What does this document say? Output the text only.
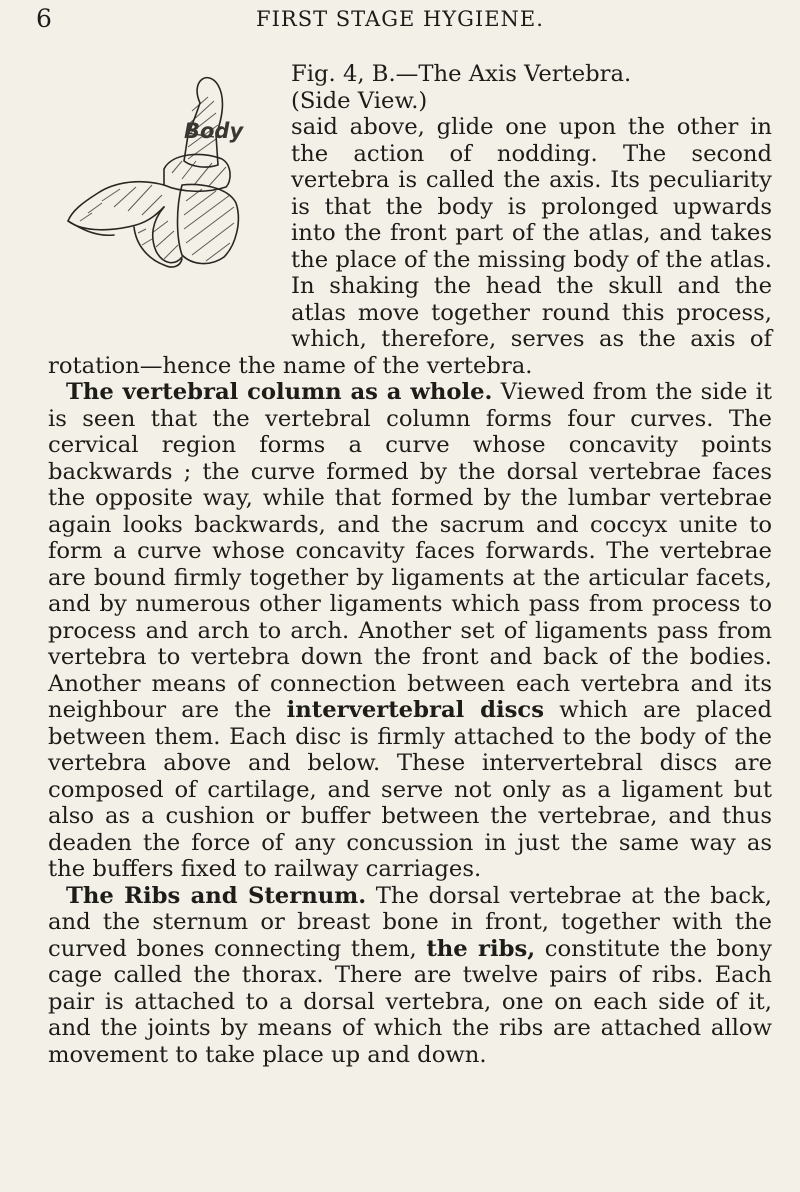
6	FIRST STAGE HYGIENE.

Body

Fig. 4, B.—The Axis Vertebra.
(Side View.)
said above, glide one upon the other in the action of nodding. The second vertebra is called the axis. Its peculiarity is that the body is prolonged upwards into the front part of the atlas, and takes the place of the missing body of the atlas. In shaking the head the skull and the atlas move together round this process, which, therefore, serves as the axis of rotation—hence the name of the vertebra.

The vertebral column as a whole. Viewed from the side it is seen that the vertebral column forms four curves. The cervical region forms a curve whose concavity points backwards ; the curve formed by the dorsal vertebrae faces the opposite way, while that formed by the lumbar vertebrae again looks backwards, and the sacrum and coccyx unite to form a curve whose concavity faces forwards. The vertebrae are bound firmly together by ligaments at the articular facets, and by numerous other ligaments which pass from process to process and arch to arch. Another set of ligaments pass from vertebra to vertebra down the front and back of the bodies. Another means of connection between each vertebra and its neighbour are the intervertebral discs which are placed between them. Each disc is firmly attached to the body of the vertebra above and below. These intervertebral discs are composed of cartilage, and serve not only as a ligament but also as a cushion or buffer between the vertebrae, and thus deaden the force of any concussion in just the same way as the buffers fixed to railway carriages.

The Ribs and Sternum. The dorsal vertebrae at the back, and the sternum or breast bone in front, together with the curved bones connecting them, the ribs, constitute the bony cage called the thorax. There are twelve pairs of ribs. Each pair is attached to a dorsal vertebra, one on each side of it, and the joints by means of which the ribs are attached allow movement to take place up and down.
